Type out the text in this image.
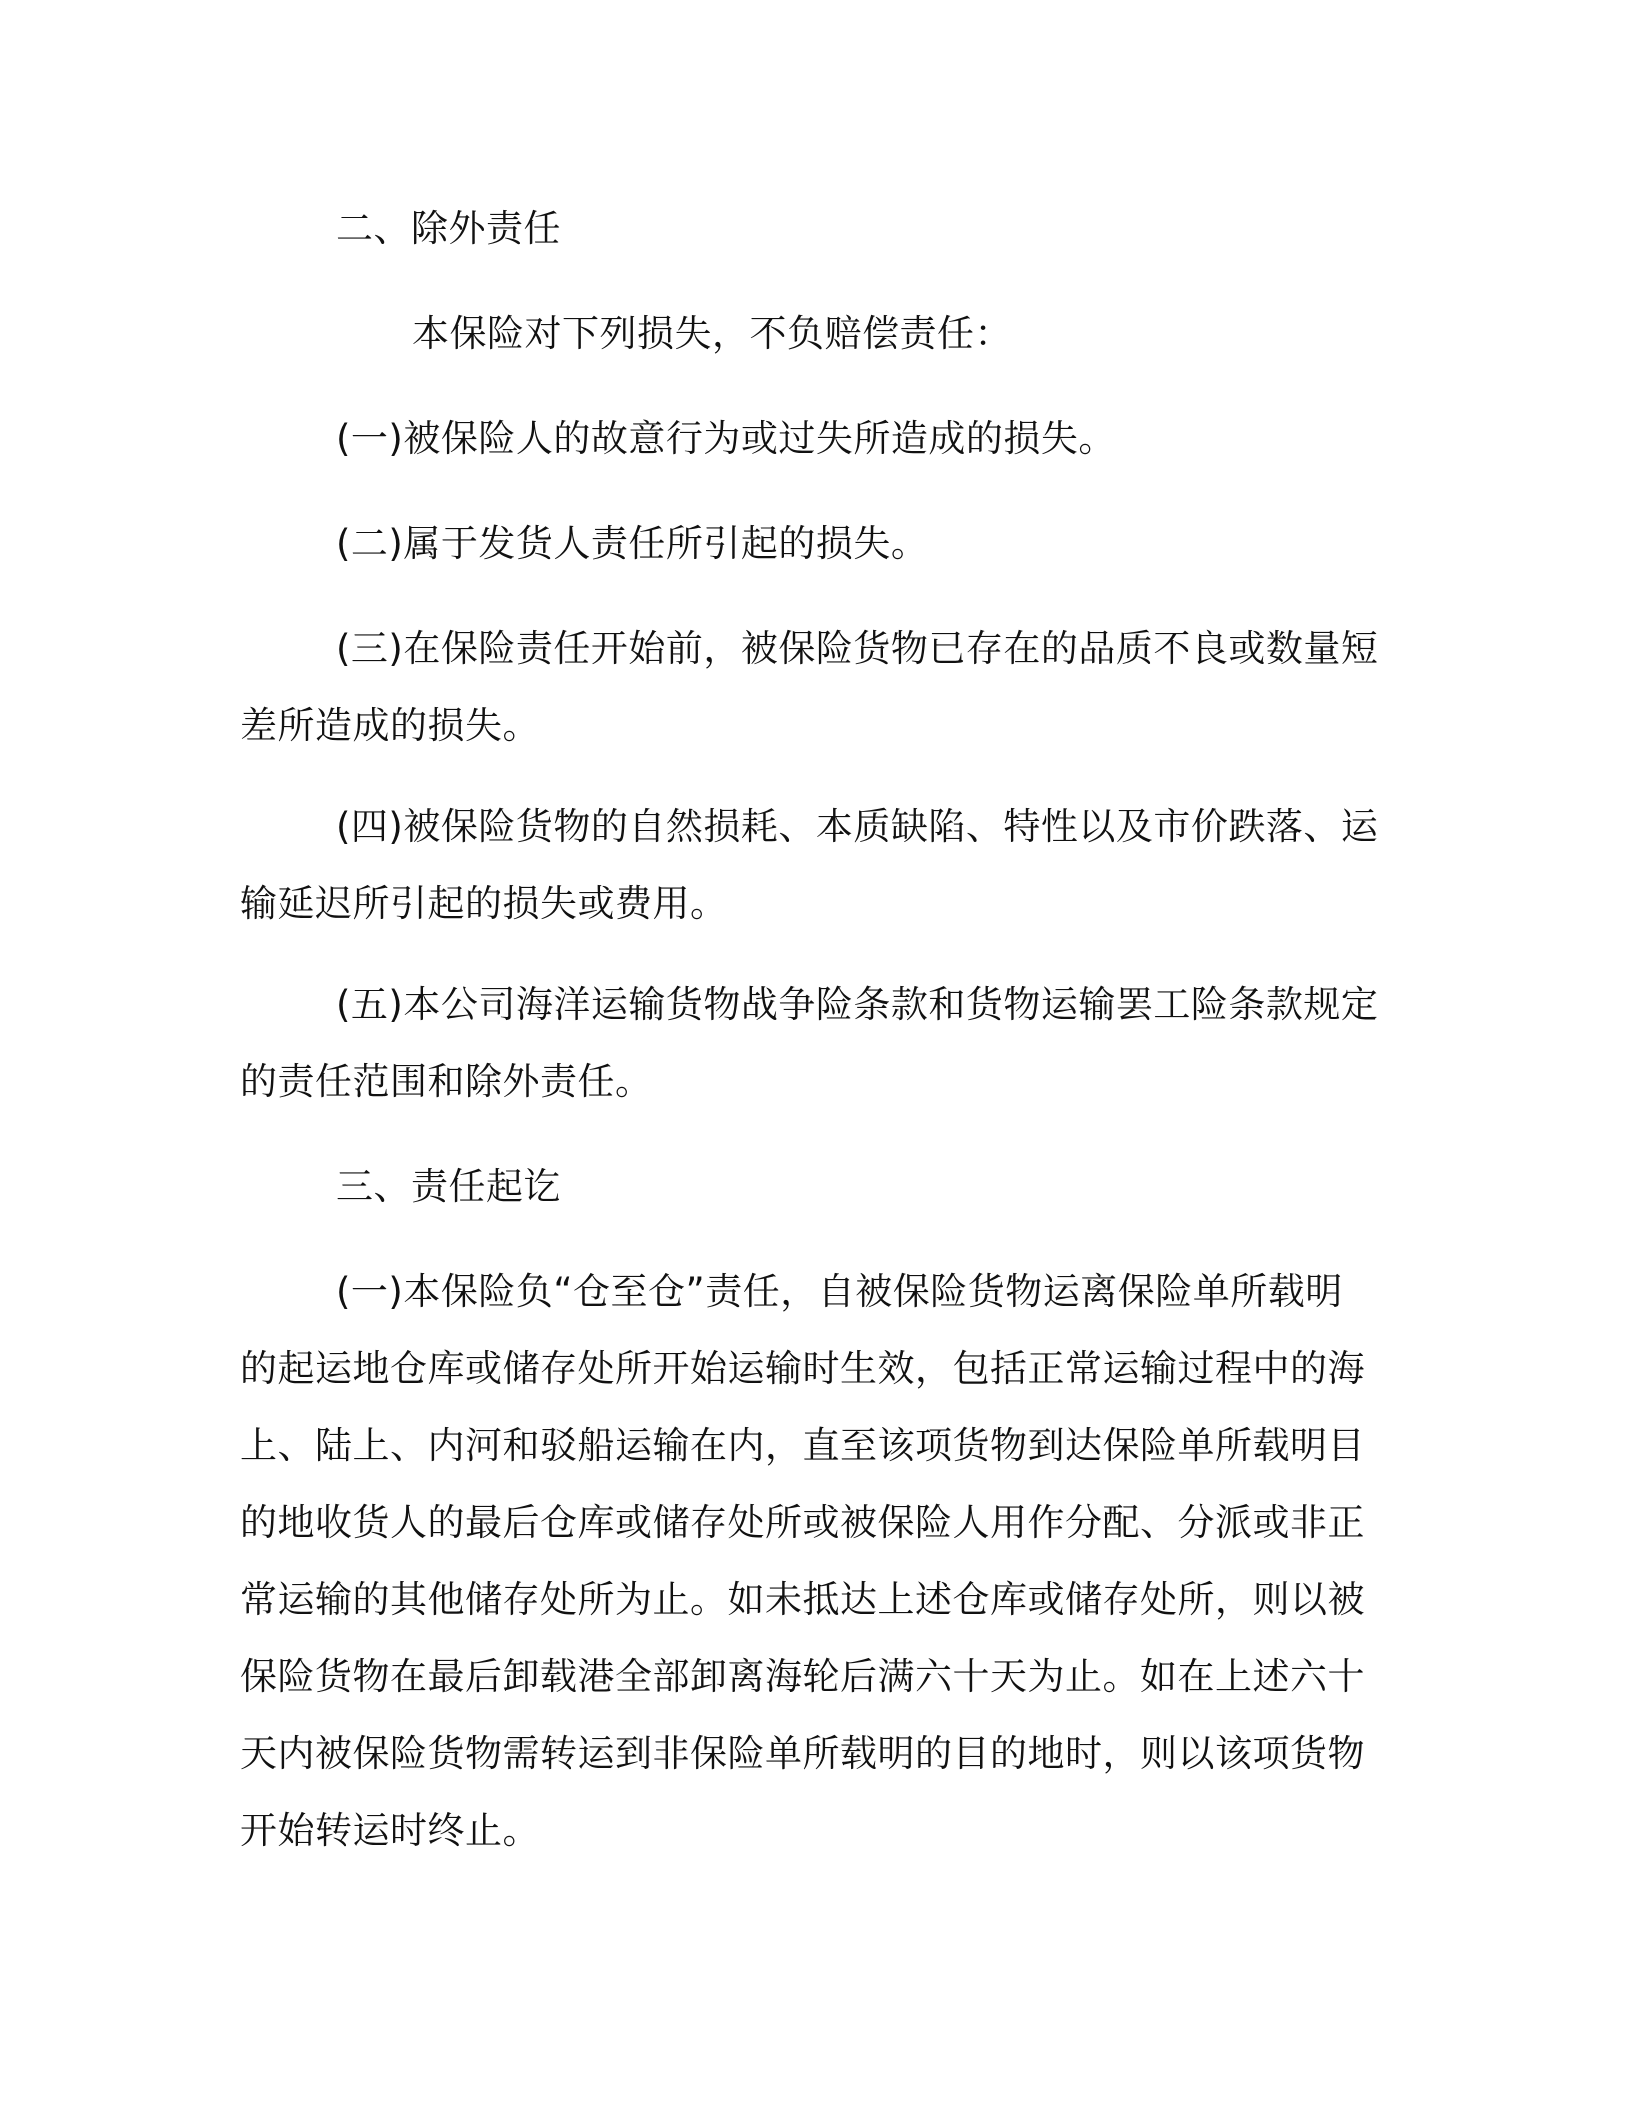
二、除外责任

本保险对下列损失，不负赔偿责任：

(一)被保险人的故意行为或过失所造成的损失。

(二)属于发货人责任所引起的损失。

(三)在保险责任开始前，被保险货物已存在的品质不良或数量短

差所造成的损失。

(四)被保险货物的自然损耗、本质缺陷、特性以及市价跌落、运

输延迟所引起的损失或费用。

(五)本公司海洋运输货物战争险条款和货物运输罢工险条款规定

的责任范围和除外责任。

三、责任起讫

(一)本保险负“仓至仓”责任，自被保险货物运离保险单所载明

的起运地仓库或储存处所开始运输时生效，包括正常运输过程中的海

上、陆上、内河和驳船运输在内，直至该项货物到达保险单所载明目

的地收货人的最后仓库或储存处所或被保险人用作分配、分派或非正

常运输的其他储存处所为止。如未抵达上述仓库或储存处所，则以被

保险货物在最后卸载港全部卸离海轮后满六十天为止。如在上述六十

天内被保险货物需转运到非保险单所载明的目的地时，则以该项货物

开始转运时终止。
